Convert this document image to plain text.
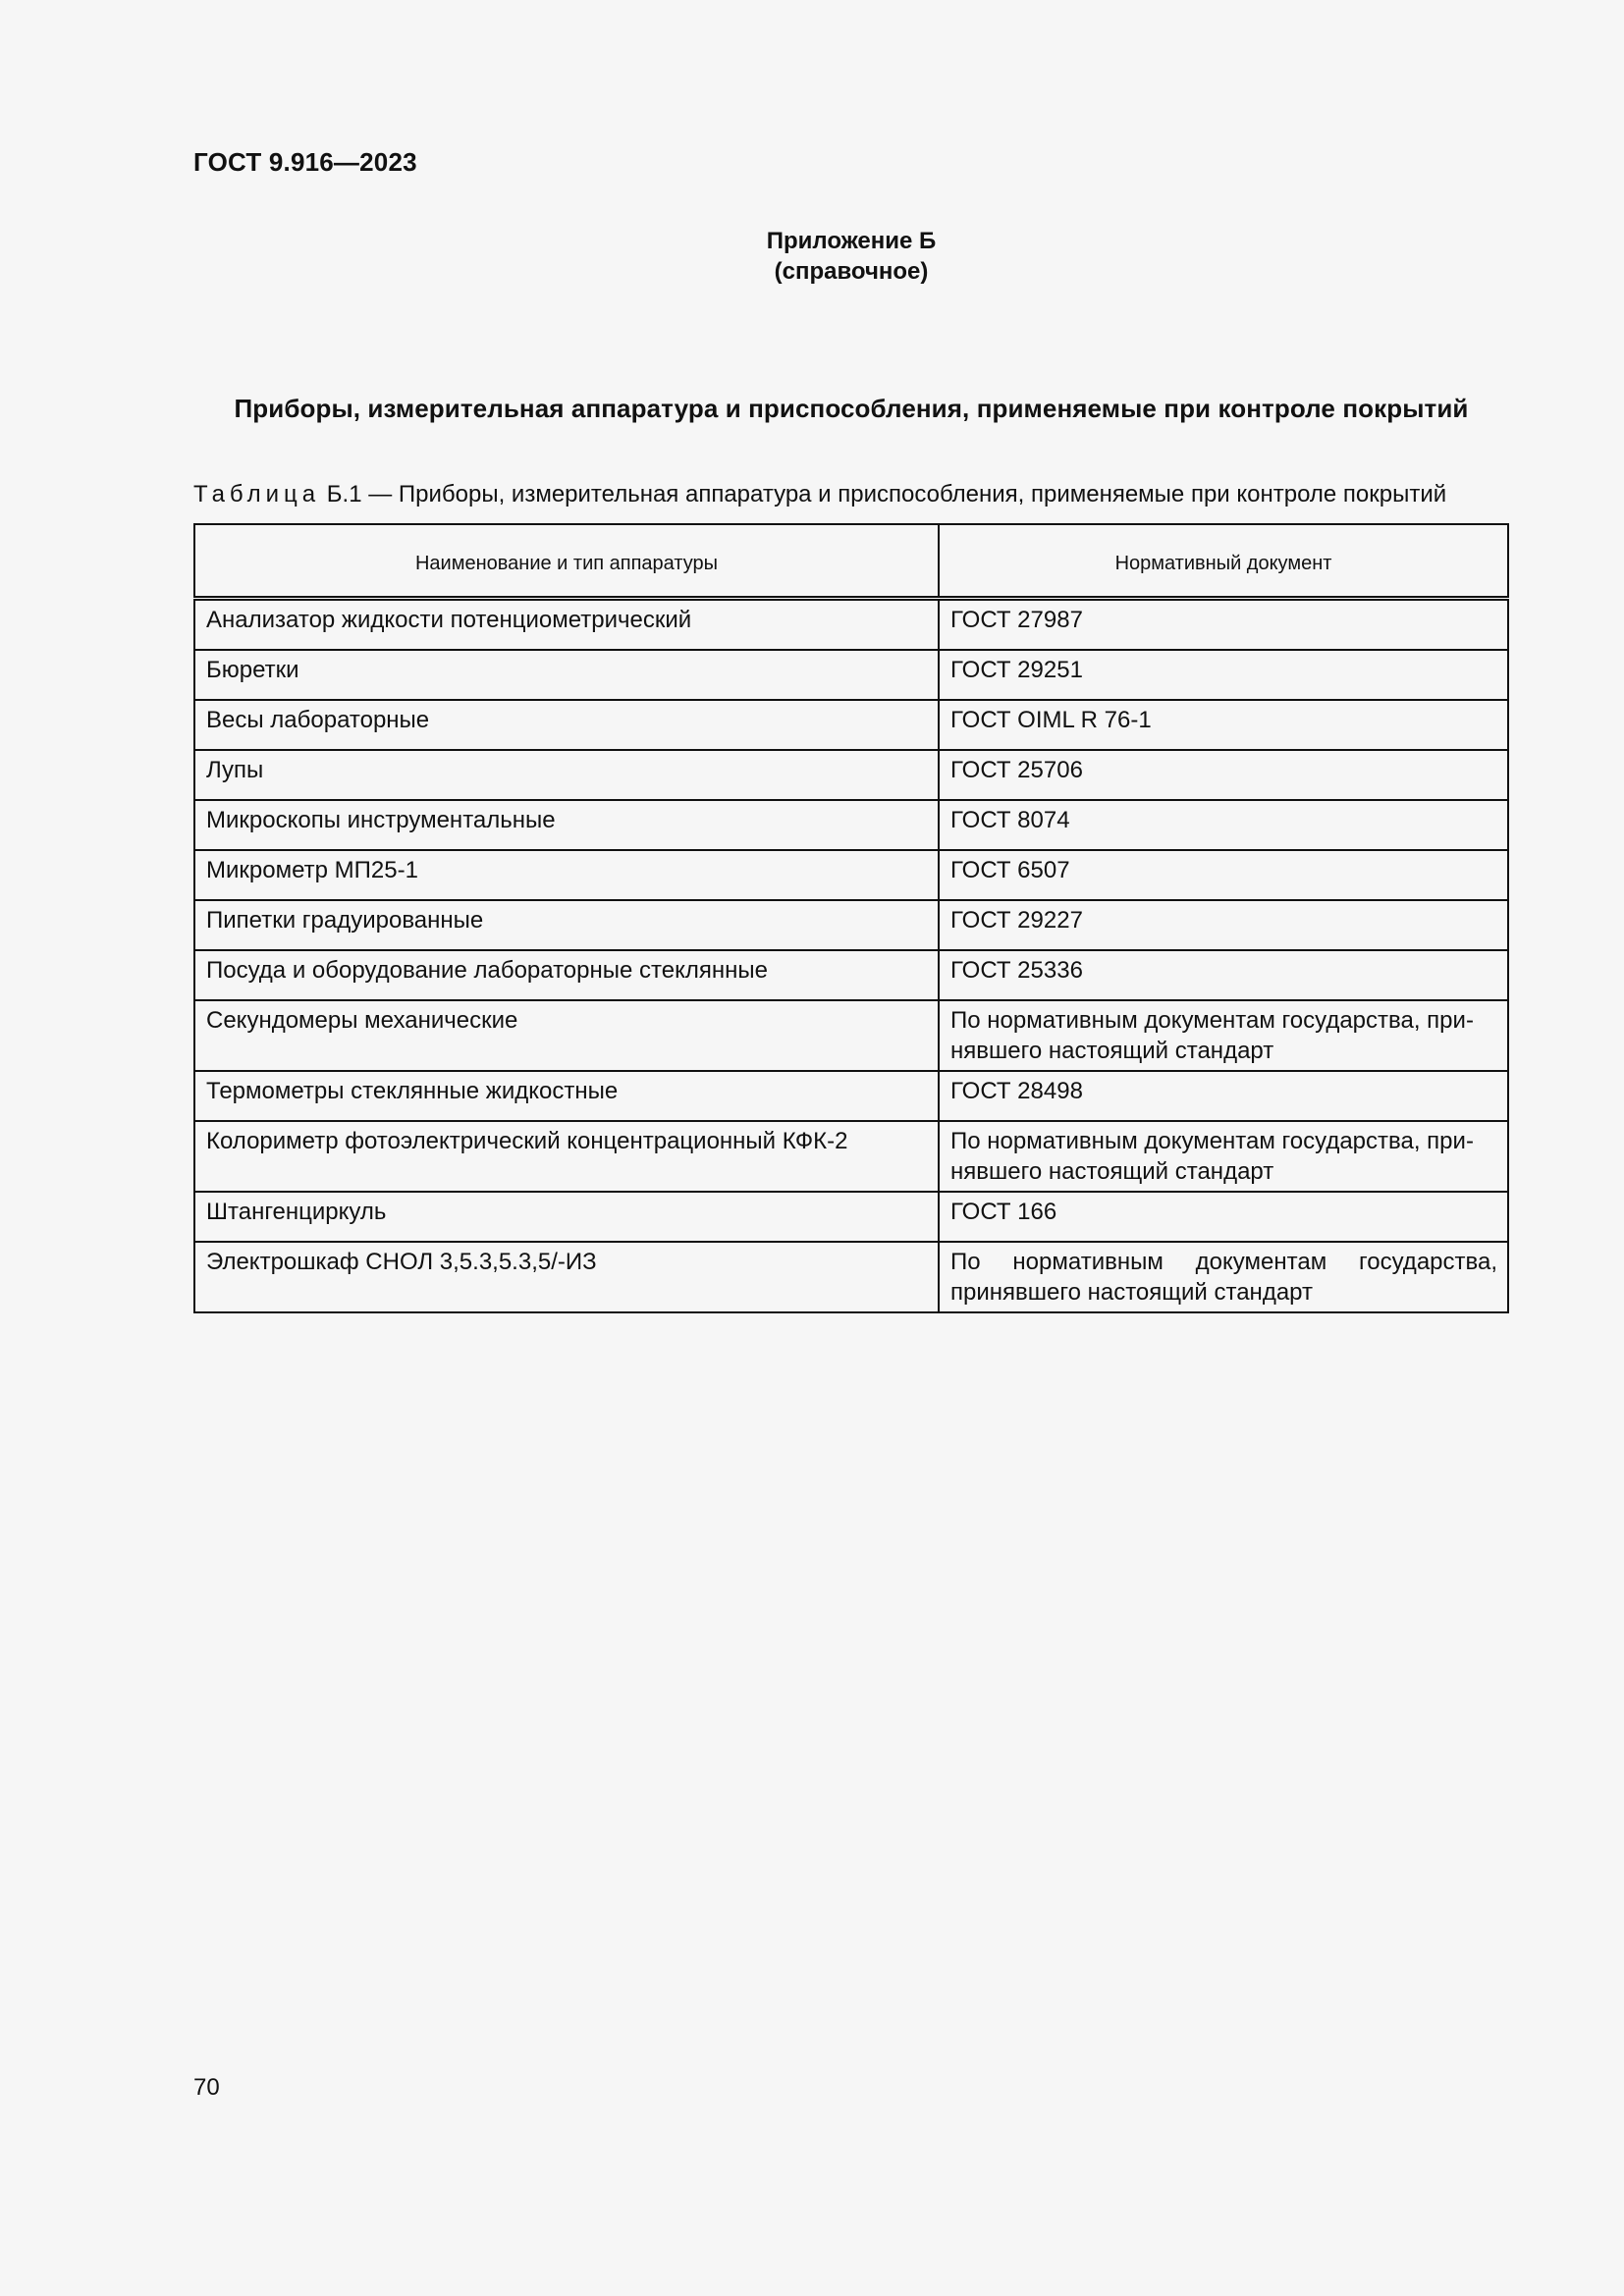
ГОСТ 9.916—2023
Приложение Б
(справочное)
Приборы, измерительная аппаратура и приспособления, применяемые при контроле покрытий
Таблица Б.1 — Приборы, измерительная аппаратура и приспособления, применяемые при контроле покрытий
Наименование и тип аппаратуры	Нормативный документ
Анализатор жидкости потенциометрический	ГОСТ 27987
Бюретки	ГОСТ 29251
Весы лабораторные	ГОСТ OIML R 76-1
Лупы	ГОСТ 25706
Микроскопы инструментальные	ГОСТ 8074
Микрометр МП25-1	ГОСТ 6507
Пипетки градуированные	ГОСТ 29227
Посуда и оборудование лабораторные стеклянные	ГОСТ 25336
Секундомеры механические	По нормативным документам государства, принявшего настоящий стандарт
Термометры стеклянные жидкостные	ГОСТ 28498
Колориметр фотоэлектрический концентрационный КФК-2	По нормативным документам государства, принявшего настоящий стандарт
Штангенциркуль	ГОСТ 166
Электрошкаф СНОЛ 3,5.3,5.3,5/-ИЗ	По нормативным документам государства, принявшего настоящий стандарт
70
